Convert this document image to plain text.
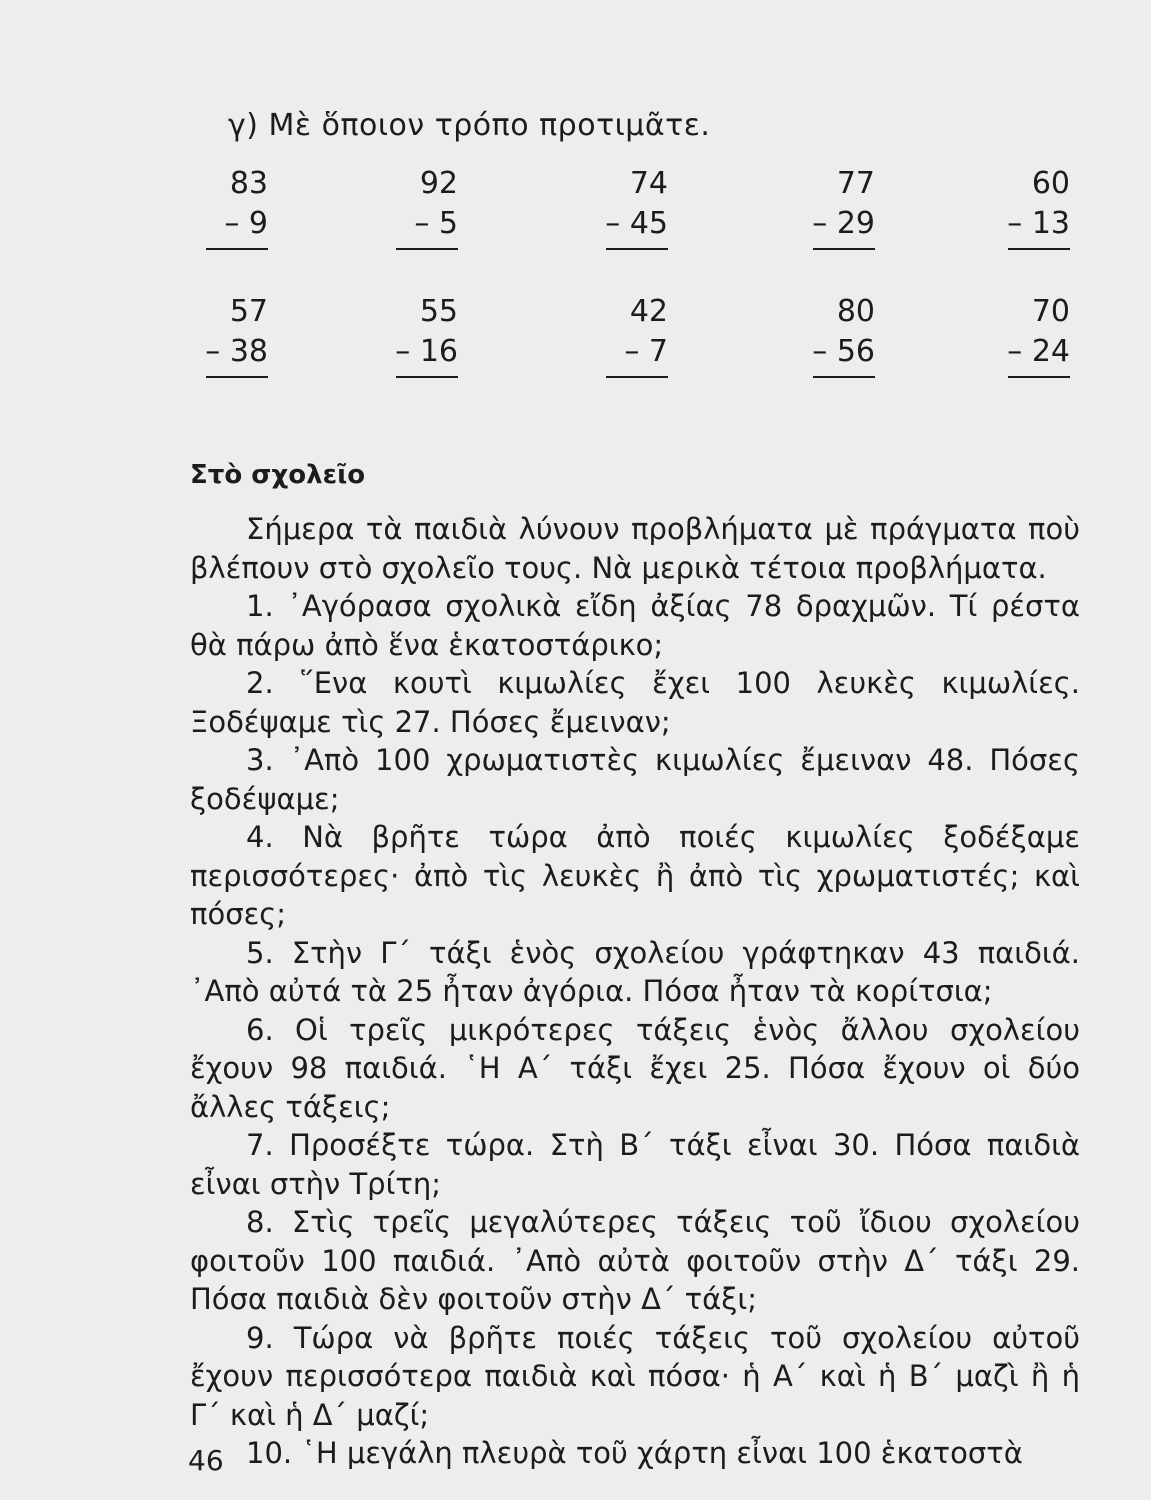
γ) Μὲ ὅποιον τρόπο προτιμᾶτε.
83
– 9
92
– 5
74
– 45
77
– 29
60
– 13
57
– 38
55
– 16
42
– 7
80
– 56
70
– 24
Στὸ σχολεῖο

Σήμερα τὰ παιδιὰ λύνουν προβλήματα μὲ πράγματα ποὺ βλέπουν στὸ σχολεῖο τους. Νὰ μερικὰ τέτοια προβλήματα.

1. ᾿Αγόρασα σχολικὰ εἴδη ἀξίας 78 δραχμῶν. Τί ρέστα θὰ πάρω ἀπὸ ἕνα ἑκατοστάρικο;

2. ῞Ενα κουτὶ κιμωλίες ἔχει 100 λευκὲς κιμωλίες. Ξοδέψαμε τὶς 27. Πόσες ἔμειναν;

3. ᾿Απὸ 100 χρωματιστὲς κιμωλίες ἔμειναν 48. Πόσες ξοδέψαμε;

4. Νὰ βρῆτε τώρα ἀπὸ ποιές κιμωλίες ξοδέξαμε περισσότερες· ἀπὸ τὶς λευκὲς ἢ ἀπὸ τὶς χρωματιστές; καὶ πόσες;

5. Στὴν Γ΄ τάξι ἑνὸς σχολείου γράφτηκαν 43 παιδιά. ᾿Απὸ αὐτά τὰ 25 ἦταν ἀγόρια. Πόσα ἦταν τὰ κορίτσια;

6. Οἱ τρεῖς μικρότερες τάξεις ἑνὸς ἄλλου σχολείου ἔχουν 98 παιδιά. ῾Η Α΄ τάξι ἔχει 25. Πόσα ἔχουν οἱ δύο ἄλλες τάξεις;

7. Προσέξτε τώρα. Στὴ Β΄ τάξι εἶναι 30. Πόσα παιδιὰ εἶναι στὴν Τρίτη;

8. Στὶς τρεῖς μεγαλύτερες τάξεις τοῦ ἴδιου σχολείου φοιτοῦν 100 παιδιά. ᾿Απὸ αὐτὰ φοιτοῦν στὴν Δ΄ τάξι 29. Πόσα παιδιὰ δὲν φοιτοῦν στὴν Δ΄ τάξι;

9. Τώρα νὰ βρῆτε ποιές τάξεις τοῦ σχολείου αὐτοῦ ἔχουν περισσότερα παιδιὰ καὶ πόσα· ἡ Α΄ καὶ ἡ Β΄ μαζὶ ἢ ἡ Γ΄ καὶ ἡ Δ΄ μαζί;

10. ῾Η μεγάλη πλευρὰ τοῦ χάρτη εἶναι 100 ἑκατοστὰ

46
